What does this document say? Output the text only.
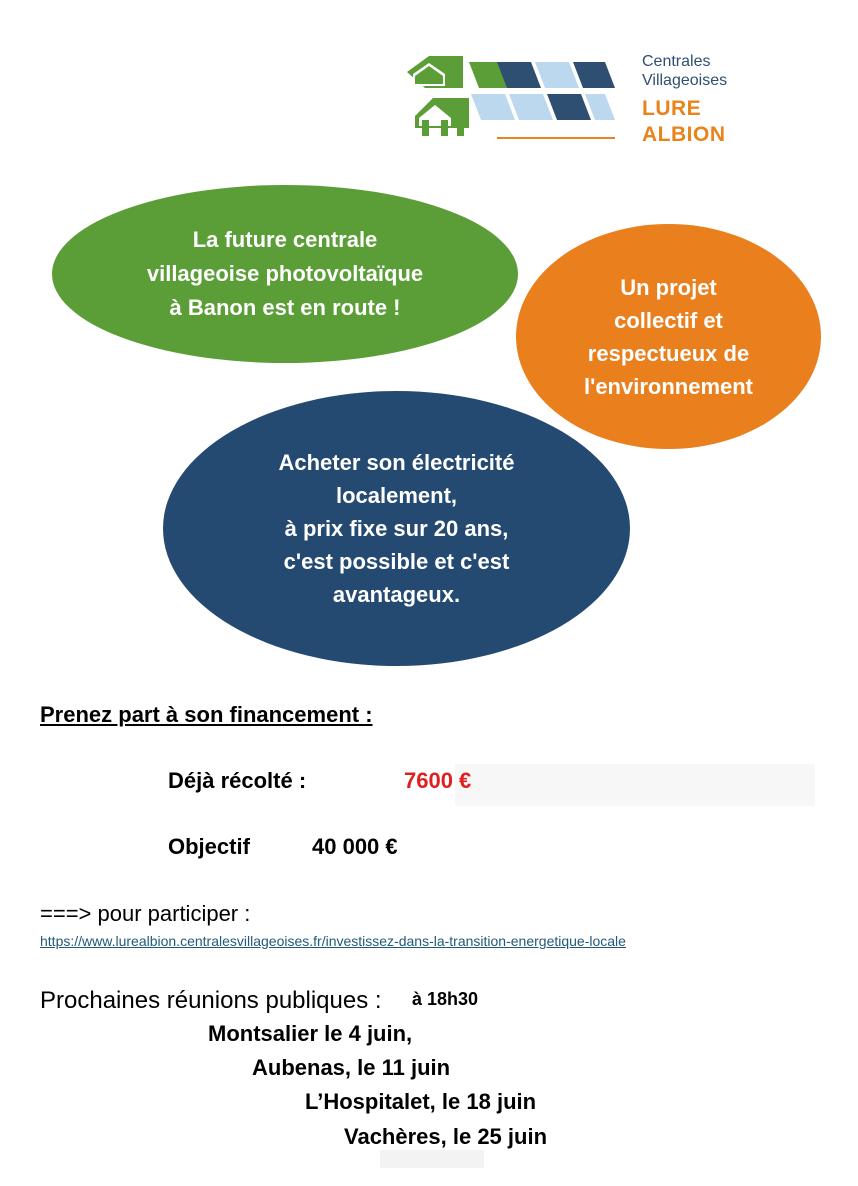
Centrales
Villageoises
LURE
ALBION
La future centrale
villageoise photovoltaïque
à Banon est en route !
Un projet
collectif et
respectueux de
l'environnement
Acheter son électricité
localement,
à prix fixe sur 20 ans,
c'est possible et c'est
avantageux.
Prenez part à son financement :
Déjà récolté :	7600 €
Objectif	40 000 €
===> pour participer :
https://www.lurealbion.centralesvillageoises.fr/investissez-dans-la-transition-energetique-locale
Prochaines réunions publiques : à 18h30
Montsalier le 4 juin,
Aubenas, le 11 juin
L’Hospitalet, le 18 juin
Vachères, le 25 juin
